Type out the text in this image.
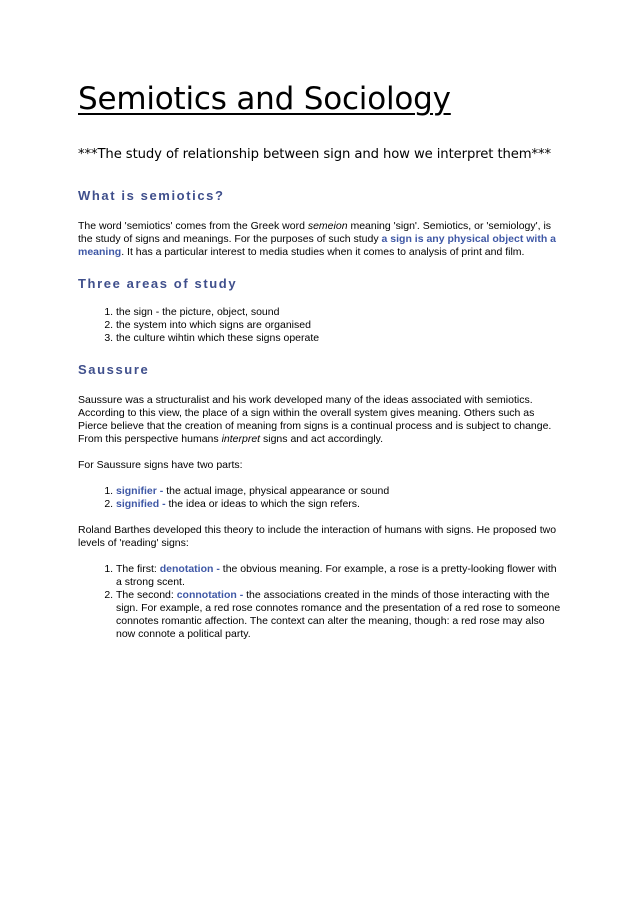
Semiotics and Sociology

***The study of relationship between sign and how we interpret them***

What is semiotics?

The word 'semiotics' comes from the Greek word semeion meaning 'sign'. Semiotics, or 'semiology', is the study of signs and meanings. For the purposes of such study a sign is any physical object with a meaning. It has a particular interest to media studies when it comes to analysis of print and film.

Three areas of study
1. the sign - the picture, object, sound
2. the system into which signs are organised
3. the culture wihtin which these signs operate
Saussure

Saussure was a structuralist and his work developed many of the ideas associated with semiotics. According to this view, the place of a sign within the overall system gives meaning. Others such as Pierce believe that the creation of meaning from signs is a continual process and is subject to change. From this perspective humans interpret signs and act accordingly.

For Saussure signs have two parts:

1. signifier - the actual image, physical appearance or sound
2. signified - the idea or ideas to which the sign refers.

Roland Barthes developed this theory to include the interaction of humans with signs. He proposed two levels of 'reading' signs:

1. The first: denotation - the obvious meaning. For example, a rose is a pretty-looking flower with a strong scent.
2. The second: connotation - the associations created in the minds of those interacting with the sign. For example, a red rose connotes romance and the presentation of a red rose to someone connotes romantic affection. The context can alter the meaning, though: a red rose may also now connote a political party.
